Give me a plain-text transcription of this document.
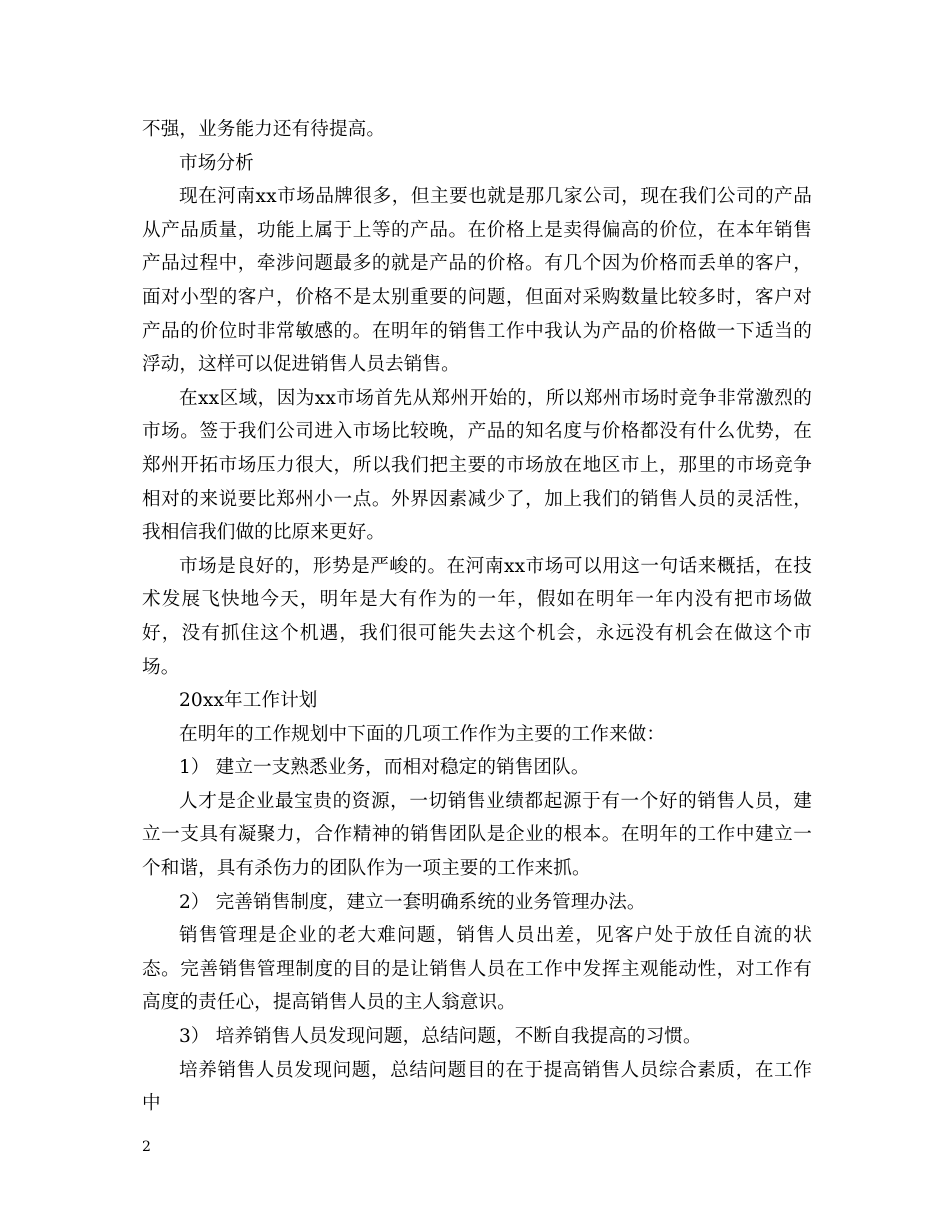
不强，业务能力还有待提高。

市场分析

现在河南xx市场品牌很多，但主要也就是那几家公司，现在我们公司的产品从产品质量，功能上属于上等的产品。在价格上是卖得偏高的价位，在本年销售产品过程中，牵涉问题最多的就是产品的价格。有几个因为价格而丢单的客户，面对小型的客户，价格不是太别重要的问题，但面对采购数量比较多时，客户对产品的价位时非常敏感的。在明年的销售工作中我认为产品的价格做一下适当的浮动，这样可以促进销售人员去销售。

在xx区域，因为xx市场首先从郑州开始的，所以郑州市场时竞争非常激烈的市场。签于我们公司进入市场比较晚，产品的知名度与价格都没有什么优势，在郑州开拓市场压力很大，所以我们把主要的市场放在地区市上，那里的市场竞争相对的来说要比郑州小一点。外界因素减少了，加上我们的销售人员的灵活性，我相信我们做的比原来更好。

市场是良好的，形势是严峻的。在河南xx市场可以用这一句话来概括，在技术发展飞快地今天，明年是大有作为的一年，假如在明年一年内没有把市场做好，没有抓住这个机遇，我们很可能失去这个机会，永远没有机会在做这个市场。

20xx年工作计划

在明年的工作规划中下面的几项工作作为主要的工作来做：

1） 建立一支熟悉业务，而相对稳定的销售团队。

人才是企业最宝贵的资源，一切销售业绩都起源于有一个好的销售人员，建立一支具有凝聚力，合作精神的销售团队是企业的根本。在明年的工作中建立一个和谐，具有杀伤力的团队作为一项主要的工作来抓。

2） 完善销售制度，建立一套明确系统的业务管理办法。

销售管理是企业的老大难问题，销售人员出差，见客户处于放任自流的状态。完善销售管理制度的目的是让销售人员在工作中发挥主观能动性，对工作有高度的责任心，提高销售人员的主人翁意识。

3） 培养销售人员发现问题，总结问题，不断自我提高的习惯。

培养销售人员发现问题，总结问题目的在于提高销售人员综合素质，在工作中

2
